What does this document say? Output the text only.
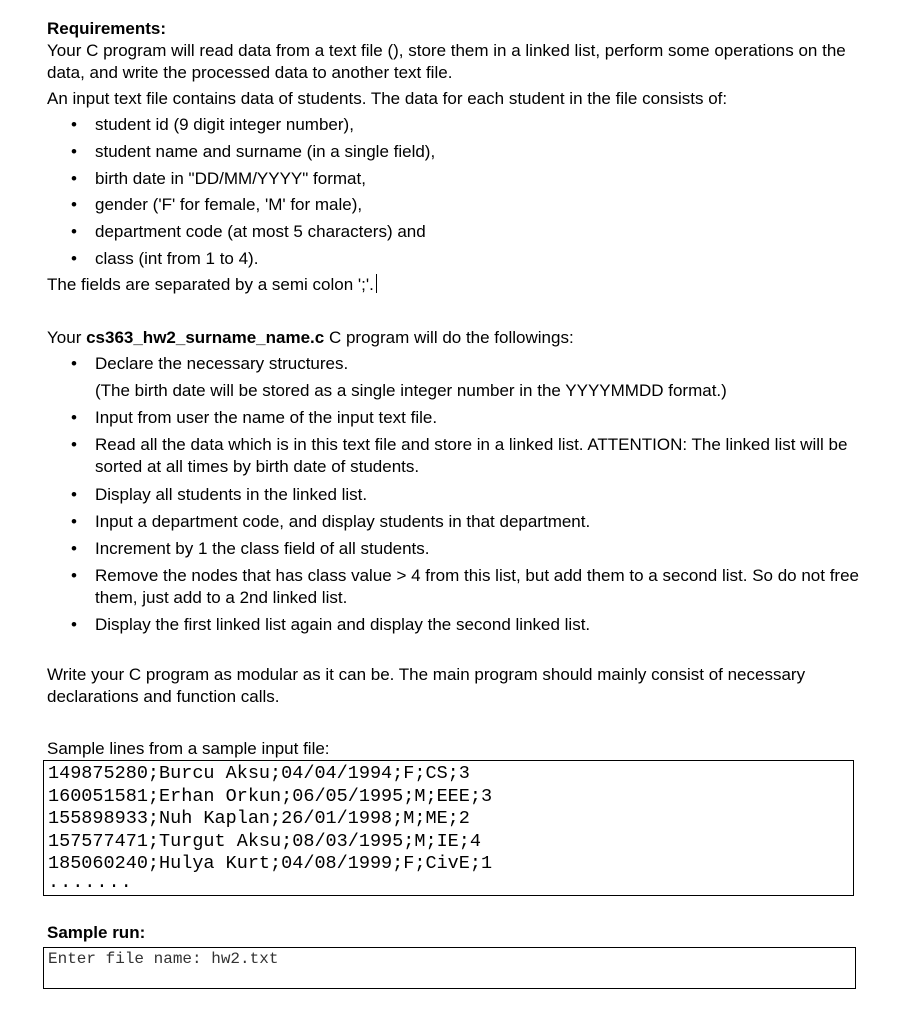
Requirements:

Your C program will read data from a text file (), store them in a linked list, perform some operations on the data, and write the processed data to another text file.

An input text file contains data of students. The data for each student in the file consists of:

• student id (9 digit integer number),
• student name and surname (in a single field),
• birth date in "DD/MM/YYYY" format,
• gender ('F' for female, 'M' for male),
• department code (at most 5 characters) and
• class (int from 1 to 4).

The fields are separated by a semi colon ';'.

Your cs363_hw2_surname_name.c C program will do the followings:

• Declare the necessary structures.
(The birth date will be stored as a single integer number in the YYYYMMDD format.)
• Input from user the name of the input text file.
• Read all the data which is in this text file and store in a linked list. ATTENTION: The linked list will be sorted at all times by birth date of students.
• Display all students in the linked list.
• Input a department code, and display students in that department.
• Increment by 1 the class field of all students.
• Remove the nodes that has class value > 4 from this list, but add them to a second list. So do not free them, just add to a 2nd linked list.
• Display the first linked list again and display the second linked list.

Write your C program as modular as it can be. The main program should mainly consist of necessary declarations and function calls.

Sample lines from a sample input file:

149875280;Burcu Aksu;04/04/1994;F;CS;3
160051581;Erhan Orkun;06/05/1995;M;EEE;3
155898933;Nuh Kaplan;26/01/1998;M;ME;2
157577471;Turgut Aksu;08/03/1995;M;IE;4
185060240;Hulya Kurt;04/08/1999;F;CivE;1
.......

Sample run:

Enter file name: hw2.txt
